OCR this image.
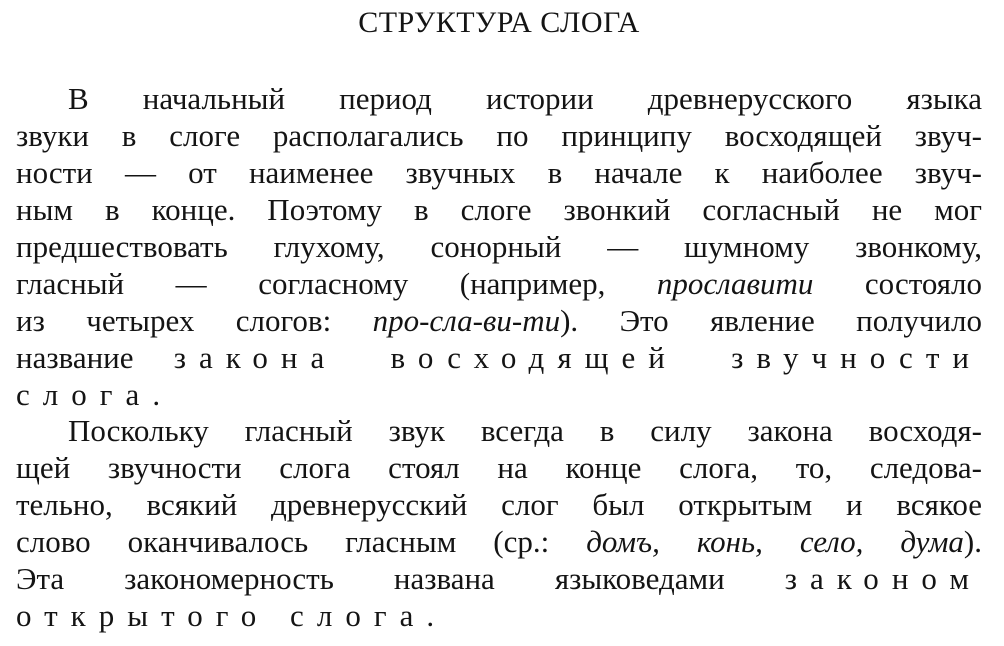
СТРУКТУРА СЛОГА

В начальный период истории древнерусского языка
звуки в слоге располагались по принципу восходящей звуч-
ности — от наименее звучных в начале к наиболее звуч-
ным в конце. Поэтому в слоге звонкий согласный не мог
предшествовать глухому, сонорный — шумному звонкому,
гласный — согласному (например, прославити состояло
из четырех слогов: про-сла-ви-ти). Это явление получило
название закона восходящей звучности
слога.

Поскольку гласный звук всегда в силу закона восходя-
щей звучности слога стоял на конце слога, то, следова-
тельно, всякий древнерусский слог был открытым и всякое
слово оканчивалось гласным (ср.: домъ, конь, село, дума).
Эта закономерность названа языковедами законом
открытого слога.
